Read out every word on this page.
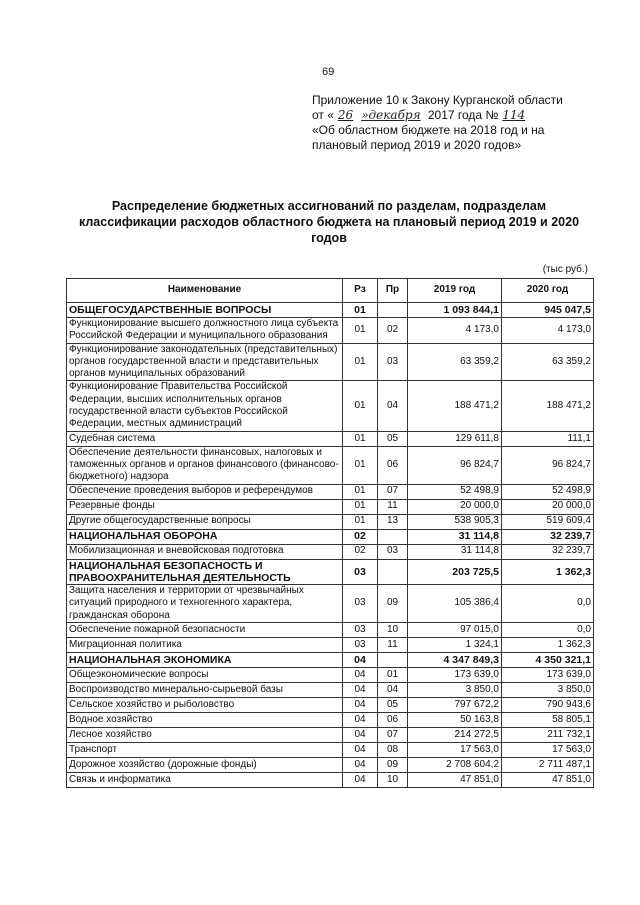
69
Приложение 10 к Закону Курганской области
от « 26 »декабря 2017 года № 114
«Об областном бюджете на 2018 год и на
плановый период 2019 и 2020 годов»
Распределение бюджетных ассигнований по разделам, подразделам классификации расходов областного бюджета на плановый период 2019 и 2020 годов
(тыс руб.)
Наименование	Рз	Пр	2019 год	2020 год
ОБЩЕГОСУДАРСТВЕННЫЕ ВОПРОСЫ	01		1 093 844,1	945 047,5
Функционирование высшего должностного лица субъекта Российской Федерации и муниципального образования	01	02	4 173,0	4 173,0
Функционирование законодательных (представительных) органов государственной власти и представительных органов муниципальных образований	01	03	63 359,2	63 359,2
Функционирование Правительства Российской Федерации, высших исполнительных органов государственной власти субъектов Российской Федерации, местных администраций	01	04	188 471,2	188 471,2
Судебная система	01	05	129 611,8	111,1
Обеспечение деятельности финансовых, налоговых и таможенных органов и органов финансового (финансово-бюджетного) надзора	01	06	96 824,7	96 824,7
Обеспечение проведения выборов и референдумов	01	07	52 498,9	52 498,9
Резервные фонды	01	11	20 000,0	20 000,0
Другие общегосударственные вопросы	01	13	538 905,3	519 609,4
НАЦИОНАЛЬНАЯ ОБОРОНА	02		31 114,8	32 239,7
Мобилизационная и вневойсковая подготовка	02	03	31 114,8	32 239,7
НАЦИОНАЛЬНАЯ БЕЗОПАСНОСТЬ И ПРАВООХРАНИТЕЛЬНАЯ ДЕЯТЕЛЬНОСТЬ	03		203 725,5	1 362,3
Защита населения и территории от чрезвычайных ситуаций природного и техногенного характера, гражданская оборона	03	09	105 386,4	0,0
Обеспечение пожарной безопасности	03	10	97 015,0	0,0
Миграционная политика	03	11	1 324,1	1 362,3
НАЦИОНАЛЬНАЯ ЭКОНОМИКА	04		4 347 849,3	4 350 321,1
Общеэкономические вопросы	04	01	173 639,0	173 639,0
Воспроизводство минерально-сырьевой базы	04	04	3 850,0	3 850,0
Сельское хозяйство и рыболовство	04	05	797 672,2	790 943,6
Водное хозяйство	04	06	50 163,8	58 805,1
Лесное хозяйство	04	07	214 272,5	211 732,1
Транспорт	04	08	17 563,0	17 563,0
Дорожное хозяйство (дорожные фонды)	04	09	2 708 604,2	2 711 487,1
Связь и информатика	04	10	47 851,0	47 851,0
